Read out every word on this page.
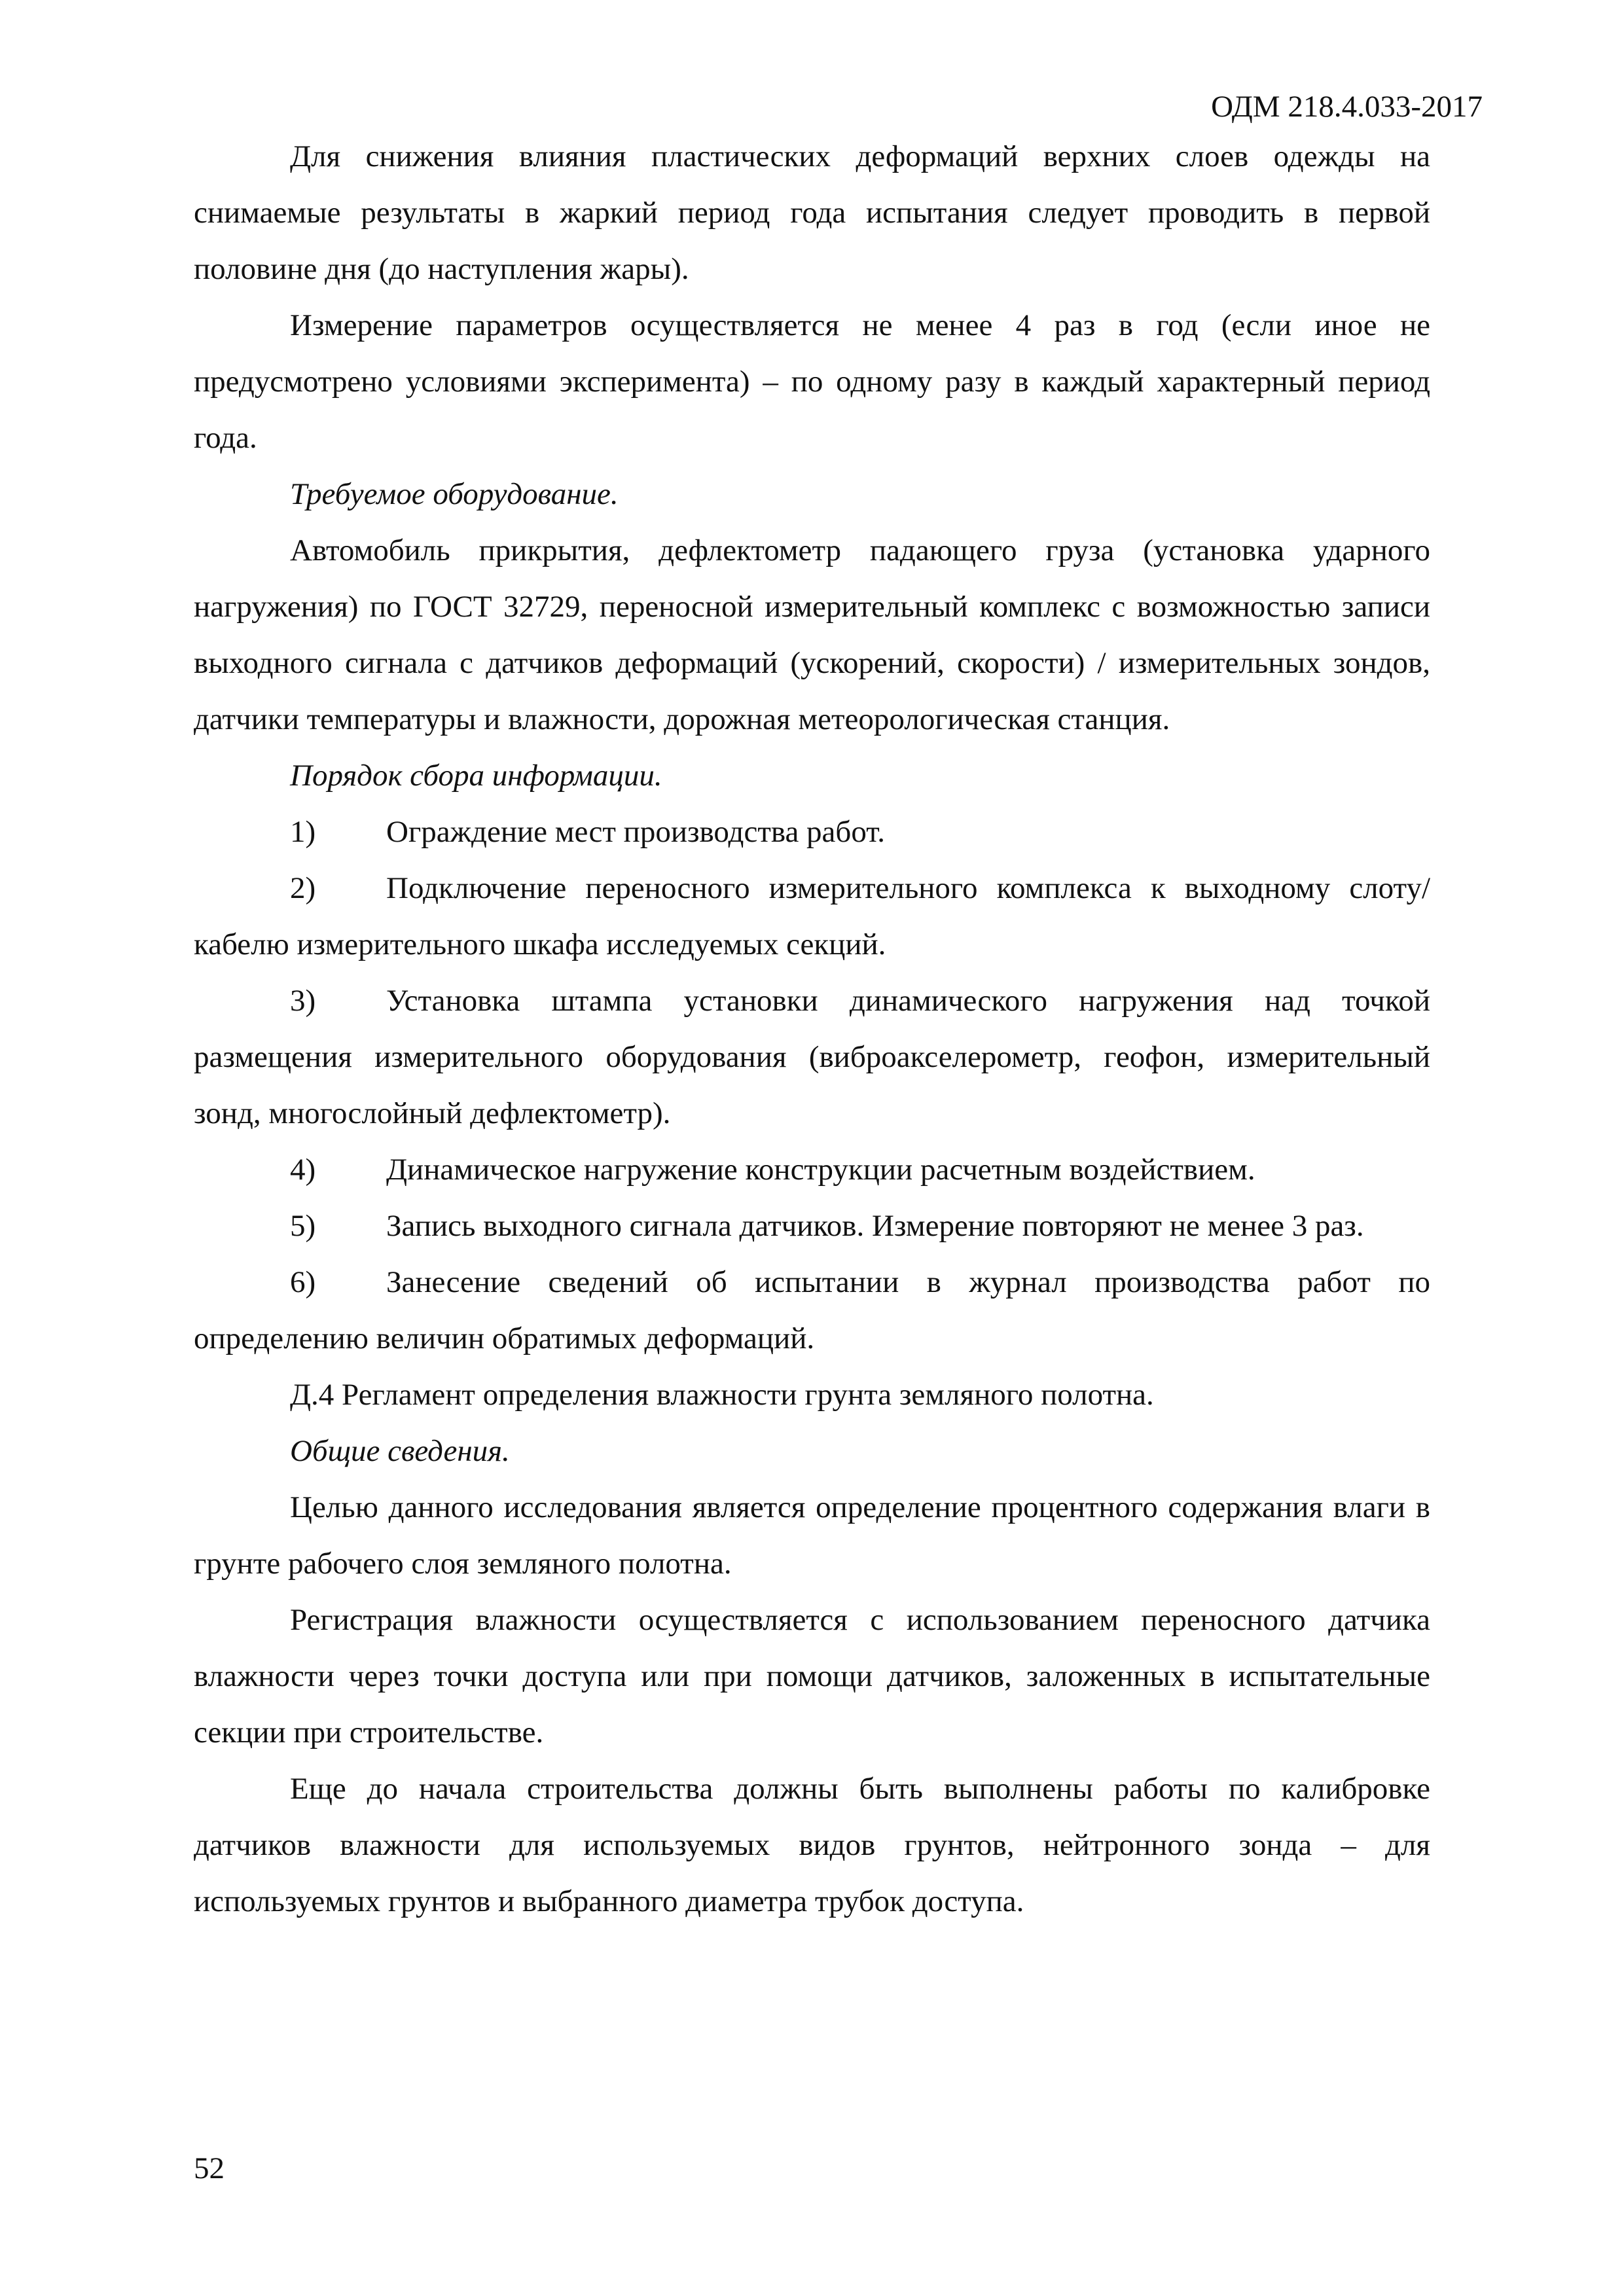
ОДМ 218.4.033-2017

Для снижения влияния пластических деформаций верхних слоев одежды на снимаемые результаты в жаркий период года испытания следует проводить в первой половине дня (до наступления жары).

Измерение параметров осуществляется не менее 4 раз в год (если иное не предусмотрено условиями эксперимента) – по одному разу в каждый характерный период года.

Требуемое оборудование.

Автомобиль прикрытия, дефлектометр падающего груза (установка ударного нагружения) по ГОСТ 32729, переносной измерительный комплекс с возможностью записи выходного сигнала с датчиков деформаций (ускорений, скорости) / измерительных зондов, датчики температуры и влажности, дорожная метеорологическая станция.

Порядок сбора информации.

1) Ограждение мест производства работ.

2) Подключение переносного измерительного комплекса к выходному слоту/кабелю измерительного шкафа исследуемых секций.

3) Установка штампа установки динамического нагружения над точкой размещения измерительного оборудования (виброакселерометр, геофон, измерительный зонд, многослойный дефлектометр).

4) Динамическое нагружение конструкции расчетным воздействием.

5) Запись выходного сигнала датчиков. Измерение повторяют не менее 3 раз.

6) Занесение сведений об испытании в журнал производства работ по определению величин обратимых деформаций.

Д.4 Регламент определения влажности грунта земляного полотна.

Общие сведения.

Целью данного исследования является определение процентного содержания влаги в грунте рабочего слоя земляного полотна.

Регистрация влажности осуществляется с использованием переносного датчика влажности через точки доступа или при помощи датчиков, заложенных в испытательные секции при строительстве.

Еще до начала строительства должны быть выполнены работы по калибровке датчиков влажности для используемых видов грунтов, нейтронного зонда – для используемых грунтов и выбранного диаметра трубок доступа.

52
